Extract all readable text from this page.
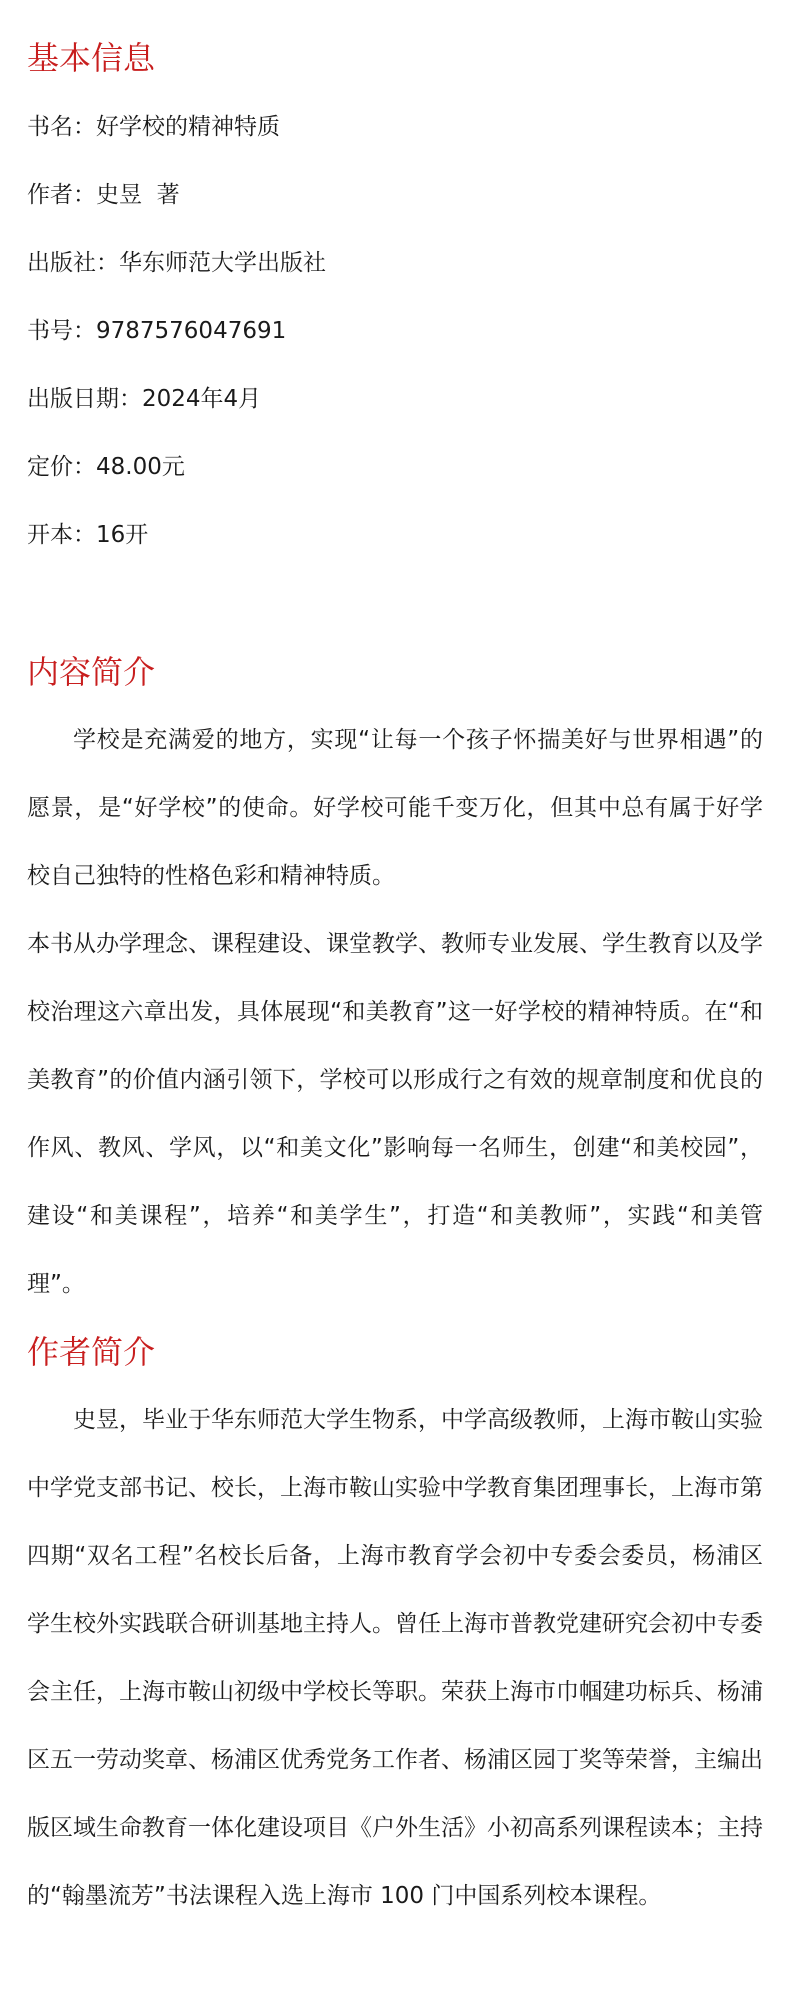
基本信息

书名：好学校的精神特质

作者：史昱  著

出版社：华东师范大学出版社

书号：9787576047691

出版日期：2024年4月

定价：48.00元

开本：16开

内容简介

学校是充满爱的地方，实现“让每一个孩子怀揣美好与世界相遇”的愿景，是“好学校”的使命。好学校可能千变万化，但其中总有属于好学校自己独特的性格色彩和精神特质。

本书从办学理念、课程建设、课堂教学、教师专业发展、学生教育以及学校治理这六章出发，具体展现“和美教育”这一好学校的精神特质。在“和美教育”的价值内涵引领下，学校可以形成行之有效的规章制度和优良的作风、教风、学风，以“和美文化”影响每一名师生，创建“和美校园”，建设“和美课程”，培养“和美学生”，打造“和美教师”，实践“和美管理”。

作者简介

史昱，毕业于华东师范大学生物系，中学高级教师，上海市鞍山实验中学党支部书记、校长，上海市鞍山实验中学教育集团理事长，上海市第四期“双名工程”名校长后备，上海市教育学会初中专委会委员，杨浦区学生校外实践联合研训基地主持人。曾任上海市普教党建研究会初中专委会主任，上海市鞍山初级中学校长等职。荣获上海市巾帼建功标兵、杨浦区五一劳动奖章、杨浦区优秀党务工作者、杨浦区园丁奖等荣誉，主编出版区域生命教育一体化建设项目《户外生活》小初高系列课程读本；主持的“翰墨流芳”书法课程入选上海市 100 门中国系列校本课程。
